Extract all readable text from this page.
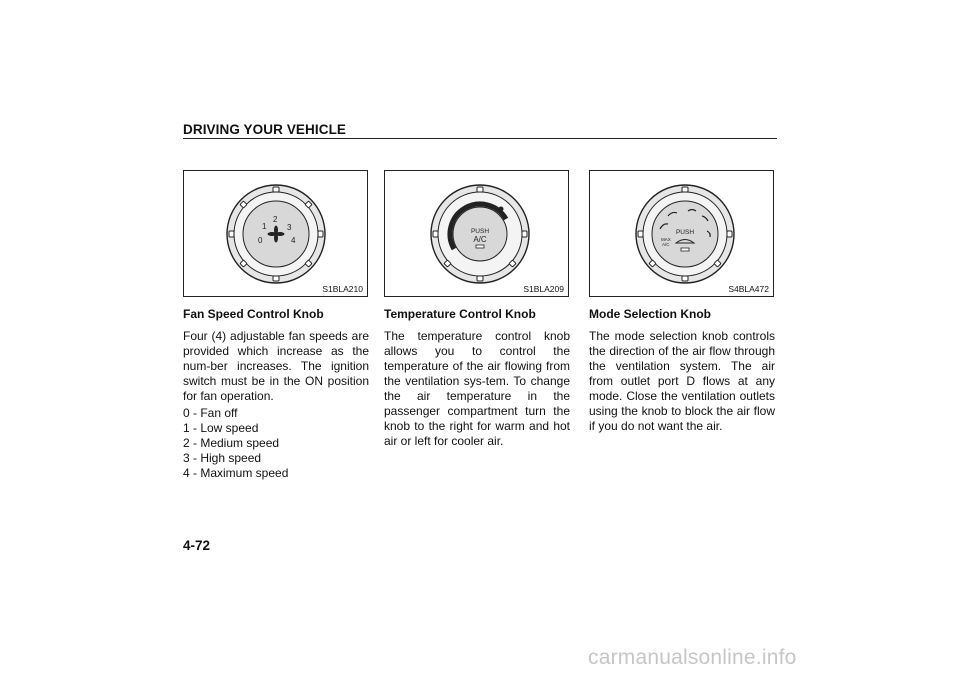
DRIVING YOUR VEHICLE
0
1
2
3
4
S1BLA210
PUSH
A/C
S1BLA209
PUSH
MAX
A/C
S4BLA472
Fan Speed Control Knob

Four (4) adjustable fan speeds are provided which increase as the num-ber increases. The ignition switch must be in the ON position for fan operation.

0 - Fan off
1 - Low speed
2 - Medium speed
3 - High speed
4 - Maximum speed
Temperature Control Knob

The temperature control knob allows you to control the temperature of the air flowing from the ventilation sys-tem. To change the air temperature in the passenger compartment turn the knob to the right for warm and hot air or left for cooler air.

Mode Selection Knob

The mode selection knob controls the direction of the air flow through the ventilation system. The air from outlet port D flows at any mode. Close the ventilation outlets using the knob to block the air flow if you do not want the air.

4-72
carmanualsonline.info
